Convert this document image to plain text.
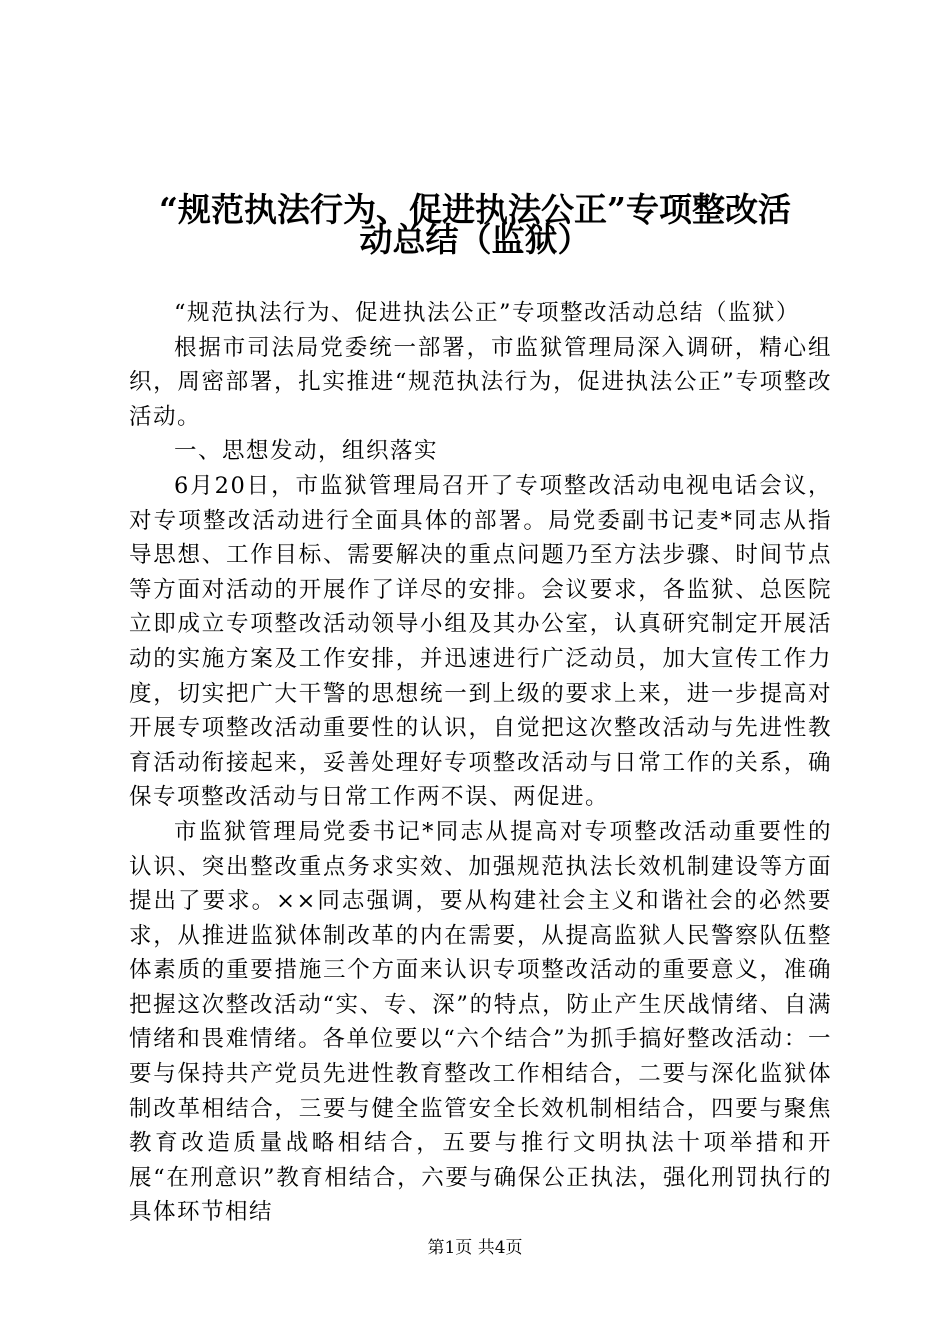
“规范执法行为、促进执法公正”专项整改活
动总结（监狱）

“规范执法行为、促进执法公正”专项整改活动总结（监狱）

根据市司法局党委统一部署，市监狱管理局深入调研，精心组织，周密部署，扎实推进“规范执法行为，促进执法公正”专项整改活动。

一、思想发动，组织落实

6月20日，市监狱管理局召开了专项整改活动电视电话会议，对专项整改活动进行全面具体的部署。局党委副书记麦*同志从指导思想、工作目标、需要解决的重点问题乃至方法步骤、时间节点等方面对活动的开展作了详尽的安排。会议要求，各监狱、总医院立即成立专项整改活动领导小组及其办公室，认真研究制定开展活动的实施方案及工作安排，并迅速进行广泛动员，加大宣传工作力度，切实把广大干警的思想统一到上级的要求上来，进一步提高对开展专项整改活动重要性的认识，自觉把这次整改活动与先进性教育活动衔接起来，妥善处理好专项整改活动与日常工作的关系，确保专项整改活动与日常工作两不误、两促进。

市监狱管理局党委书记*同志从提高对专项整改活动重要性的认识、突出整改重点务求实效、加强规范执法长效机制建设等方面提出了要求。××同志强调，要从构建社会主义和谐社会的必然要求，从推进监狱体制改革的内在需要，从提高监狱人民警察队伍整体素质的重要措施三个方面来认识专项整改活动的重要意义，准确把握这次整改活动“实、专、深”的特点，防止产生厌战情绪、自满情绪和畏难情绪。各单位要以“六个结合”为抓手搞好整改活动：一要与保持共产党员先进性教育整改工作相结合，二要与深化监狱体制改革相结合，三要与健全监管安全长效机制相结合，四要与聚焦教育改造质量战略相结合，五要与推行文明执法十项举措和开展“在刑意识”教育相结合，六要与确保公正执法，强化刑罚执行的具体环节相结

第1页 共4页
